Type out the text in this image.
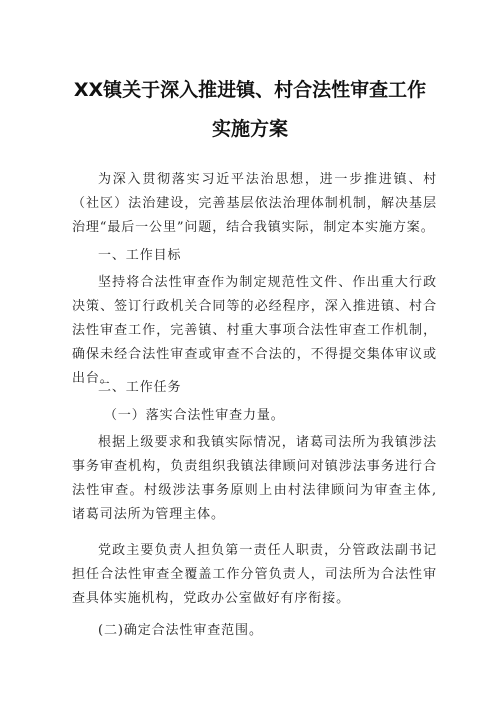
XX镇关于深入推进镇、村合法性审查工作
实施方案

为深入贯彻落实习近平法治思想，进一步推进镇、村（社区）法治建设，完善基层依法治理体制机制，解决基层治理“最后一公里”问题，结合我镇实际，制定本实施方案。

一、工作目标

坚持将合法性审查作为制定规范性文件、作出重大行政决策、签订行政机关合同等的必经程序，深入推进镇、村合法性审查工作，完善镇、村重大事项合法性审查工作机制，确保未经合法性审查或审查不合法的，不得提交集体审议或出台。

二、工作任务

（一）落实合法性审查力量。

根据上级要求和我镇实际情况，诸葛司法所为我镇涉法事务审查机构，负责组织我镇法律顾问对镇涉法事务进行合法性审查。村级涉法事务原则上由村法律顾问为审查主体,诸葛司法所为管理主体。

党政主要负责人担负第一责任人职责，分管政法副书记担任合法性审查全覆盖工作分管负责人，司法所为合法性审查具体实施机构，党政办公室做好有序衔接。

(二)确定合法性审查范围。
